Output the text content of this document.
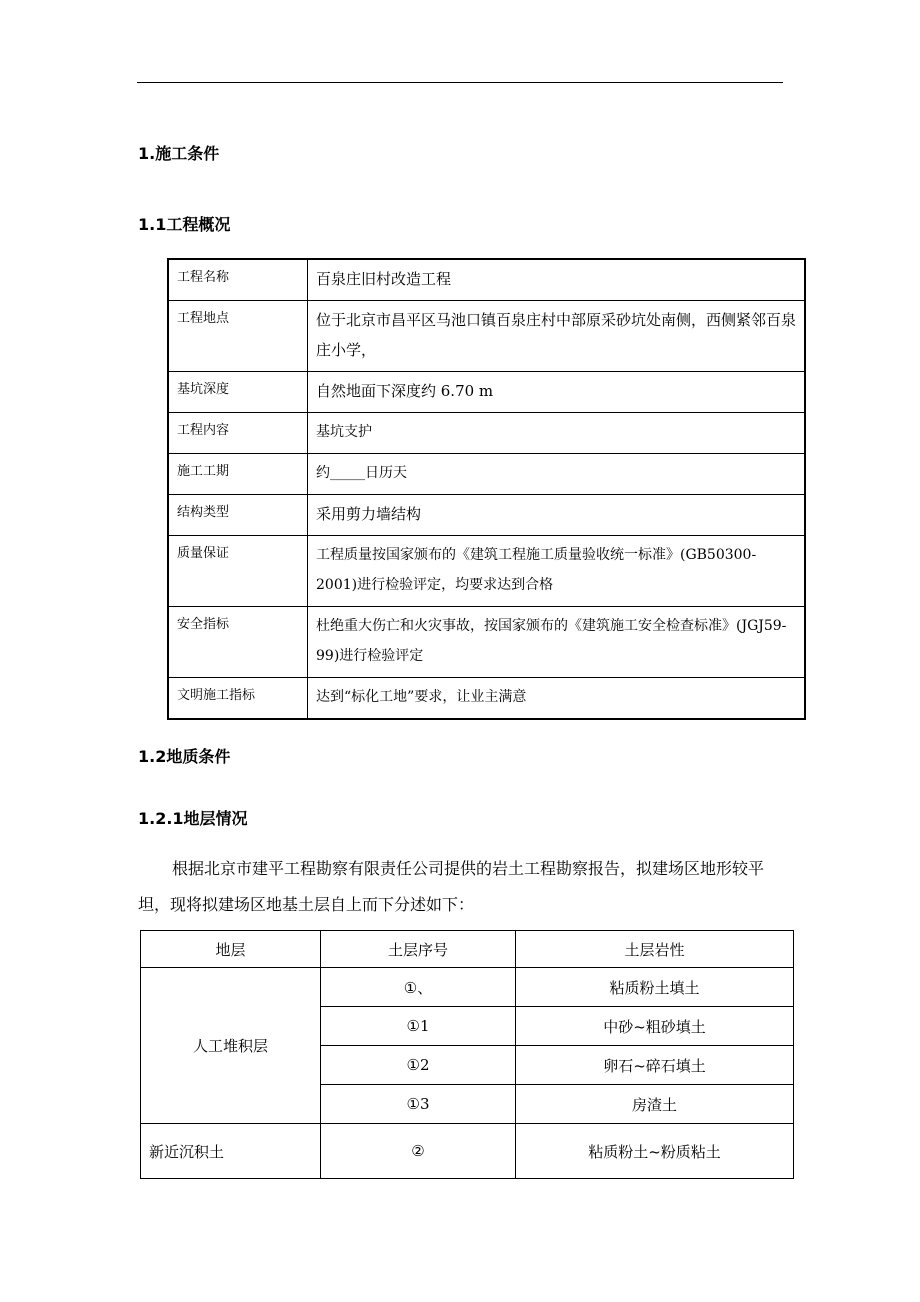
1.施工条件
1.1工程概况
工程名称	百泉庄旧村改造工程
工程地点	位于北京市昌平区马池口镇百泉庄村中部原采砂坑处南侧，西侧紧邻百泉庄小学，
基坑深度	自然地面下深度约 6.70 m
工程内容	基坑支护
施工工期	约_____日历天
结构类型	采用剪力墙结构
质量保证	工程质量按国家颁布的《建筑工程施工质量验收统一标准》(GB50300-2001)进行检验评定，均要求达到合格
安全指标	杜绝重大伤亡和火灾事故，按国家颁布的《建筑施工安全检查标准》(JGJ59-99)进行检验评定
文明施工指标	达到“标化工地”要求，让业主满意
1.2地质条件
1.2.1地层情况

根据北京市建平工程勘察有限责任公司提供的岩土工程勘察报告，拟建场区地形较平坦，现将拟建场区地基土层自上而下分述如下：

地层	土层序号	土层岩性
人工堆积层	①、	粘质粉土填土
	①1	中砂~粗砂填土
	①2	卵石~碎石填土
	①3	房渣土
新近沉积土	②	粘质粉土~粉质粘土
